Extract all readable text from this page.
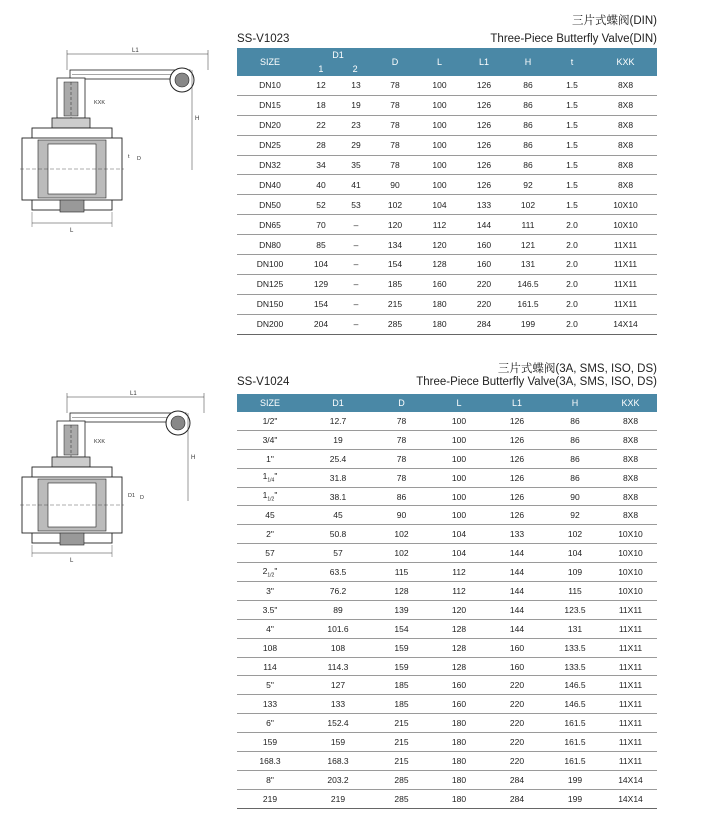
L1
KXK
H
t D
L
三片式蝶阀(DIN)
SS-V1023	Three-Piece Butterfly Valve(DIN)
SIZE	D1
1 2		D	L	L1	H	t	KXK
DN10	12	13	78	100	126	86	1.5	8X8
DN15	18	19	78	100	126	86	1.5	8X8
DN20	22	23	78	100	126	86	1.5	8X8
DN25	28	29	78	100	126	86	1.5	8X8
DN32	34	35	78	100	126	86	1.5	8X8
DN40	40	41	90	100	126	92	1.5	8X8
DN50	52	53	102	104	133	102	1.5	10X10
DN65	70	–	120	112	144	111	2.0	10X10
DN80	85	–	134	120	160	121	2.0	11X11
DN100	104	–	154	128	160	131	2.0	11X11
DN125	129	–	185	160	220	146.5	2.0	11X11
DN150	154	–	215	180	220	161.5	2.0	11X11
DN200	204	–	285	180	284	199	2.0	14X14
L1
KXK
H
D1 D
L
三片式蝶阀(3A, SMS, ISO, DS)
SS-V1024	Three-Piece Butterfly Valve(3A, SMS, ISO, DS)
SIZE	D1	D	L	L1	H	KXK
1/2"	12.7	78	100	126	86	8X8
3/4"	19	78	100	126	86	8X8
1"	25.4	78	100	126	86	8X8
$1_{1/4}$"	31.8	78	100	126	86	8X8
$1_{1/2}$"	38.1	86	100	126	90	8X8
45	45	90	100	126	92	8X8
2"	50.8	102	104	133	102	10X10
57	57	102	104	144	104	10X10
$2_{1/2}$"	63.5	115	112	144	109	10X10
3"	76.2	128	112	144	115	10X10
3.5"	89	139	120	144	123.5	11X11
4"	101.6	154	128	144	131	11X11
108	108	159	128	160	133.5	11X11
114	114.3	159	128	160	133.5	11X11
5"	127	185	160	220	146.5	11X11
133	133	185	160	220	146.5	11X11
6"	152.4	215	180	220	161.5	11X11
159	159	215	180	220	161.5	11X11
168.3	168.3	215	180	220	161.5	11X11
8"	203.2	285	180	284	199	14X14
219	219	285	180	284	199	14X14
